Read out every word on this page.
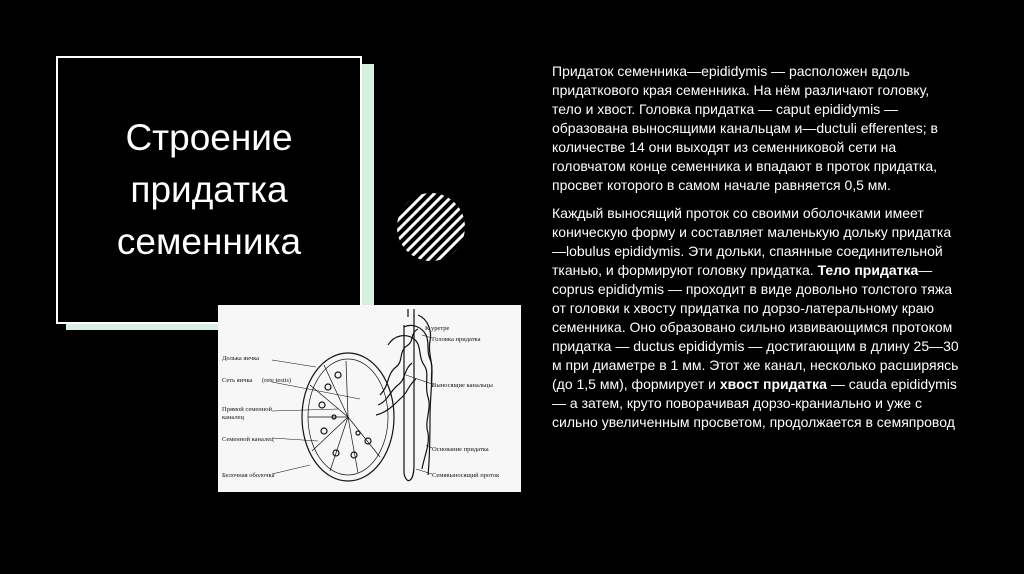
Строение
придатка
семенника
К уретре
Головка придатка
Долька яичка
Сеть яичка (rete testis)
Выносящие канальцы
Прямой семенной
каналец
Семенной каналец
Основание придатка
Белочная оболочка	Семявыносящий проток

Придаток семенника—epididymis — расположен вдоль придаткового края семенника. На нём различают головку, тело и хвост. Головка придатка — caput epididymis — образована выносящими канальцам и—ductuli efferentes; в количестве 14 они выходят из семенниковой сети на головчатом конце семенника и впадают в проток придатка, просвет которого в самом начале равняется 0,5 мм.

Каждый выносящий проток со своими оболочками имеет коническую форму и составляет маленькую дольку придатка—lobulus epididymis. Эти дольки, спаянные соединительной тканью, и формируют головку придатка. Тело придатка— coprus epididymis — проходит в виде довольно толстого тяжа от головки к хвосту придатка по дорзо-латеральному краю семенника. Оно образовано сильно извивающимся протоком придатка — ductus epididymis — достигающим в длину 25—30 м при диаметре в 1 мм. Этот же канал, несколько расширяясь (до 1,5 мм), формирует и хвост придатка — cauda epididymis — а затем, круто поворачивая дорзо-краниально и уже с сильно увеличенным просветом, продолжается в семяпровод
